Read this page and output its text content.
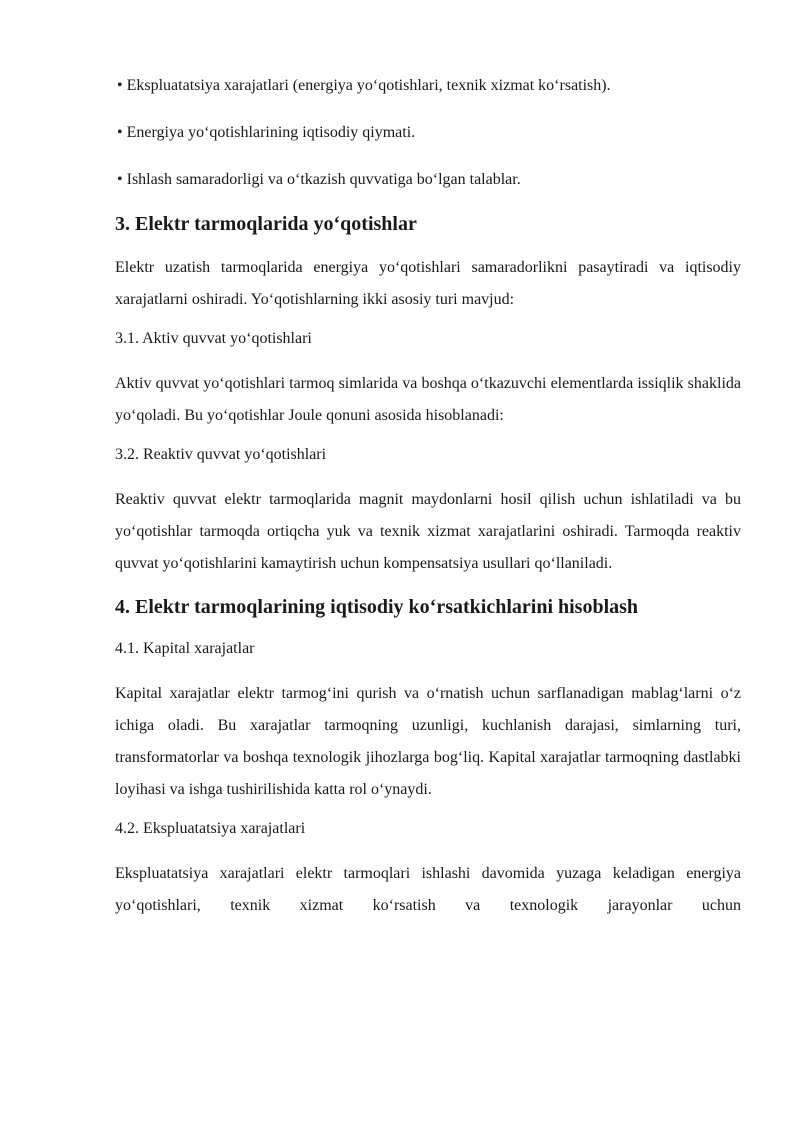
• Ekspluatatsiya xarajatlari (energiya yo‘qotishlari, texnik xizmat ko‘rsatish).
• Energiya yo‘qotishlarining iqtisodiy qiymati.
• Ishlash samaradorligi va o‘tkazish quvvatiga bo‘lgan talablar.
3. Elektr tarmoqlarida yo‘qotishlar

Elektr uzatish tarmoqlarida energiya yo‘qotishlari samaradorlikni pasaytiradi va iqtisodiy xarajatlarni oshiradi. Yo‘qotishlarning ikki asosiy turi mavjud:

3.1. Aktiv quvvat yo‘qotishlari

Aktiv quvvat yo‘qotishlari tarmoq simlarida va boshqa o‘tkazuvchi elementlarda issiqlik shaklida yo‘qoladi. Bu yo‘qotishlar Joule qonuni asosida hisoblanadi:

3.2. Reaktiv quvvat yo‘qotishlari

Reaktiv quvvat elektr tarmoqlarida magnit maydonlarni hosil qilish uchun ishlatiladi va bu yo‘qotishlar tarmoqda ortiqcha yuk va texnik xizmat xarajatlarini oshiradi. Tarmoqda reaktiv quvvat yo‘qotishlarini kamaytirish uchun kompensatsiya usullari qo‘llaniladi.

4. Elektr tarmoqlarining iqtisodiy ko‘rsatkichlarini hisoblash
4.1. Kapital xarajatlar

Kapital xarajatlar elektr tarmog‘ini qurish va o‘rnatish uchun sarflanadigan mablag‘larni o‘z ichiga oladi. Bu xarajatlar tarmoqning uzunligi, kuchlanish darajasi, simlarning turi, transformatorlar va boshqa texnologik jihozlarga bog‘liq. Kapital xarajatlar tarmoqning dastlabki loyihasi va ishga tushirilishida katta rol o‘ynaydi.

4.2. Ekspluatatsiya xarajatlari

Ekspluatatsiya xarajatlari elektr tarmoqlari ishlashi davomida yuzaga keladigan energiya yo‘qotishlari, texnik xizmat ko‘rsatish va texnologik jarayonlar uchun
